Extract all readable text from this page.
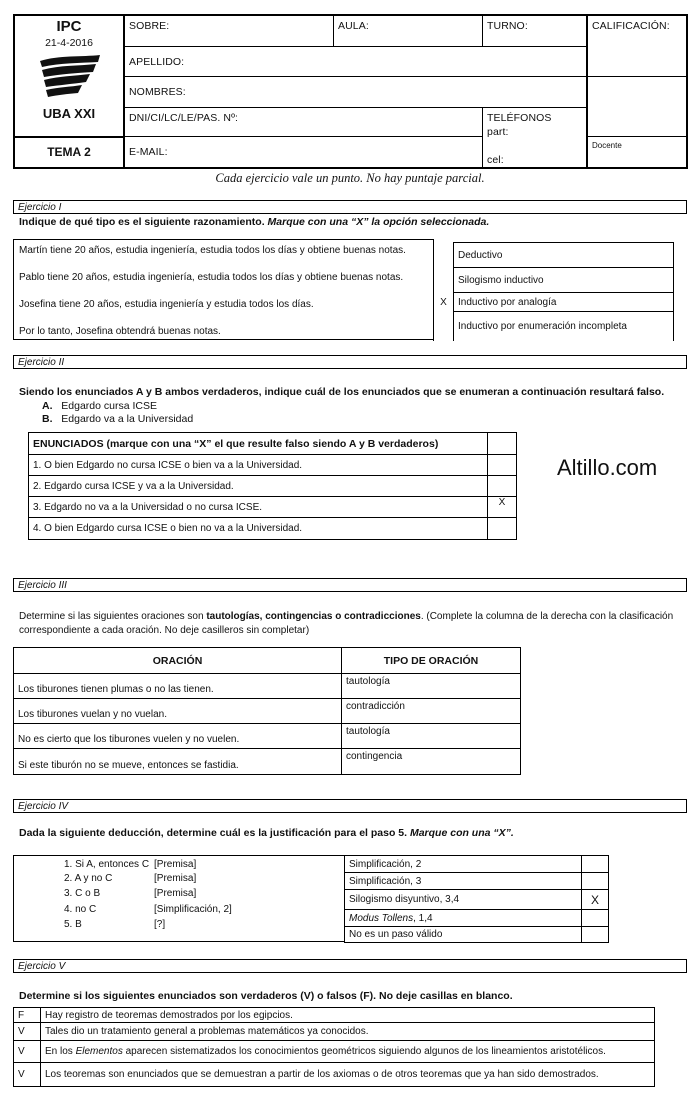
IPC
21-4-2016
UBA XXI	SOBRE:	AULA:	TURNO:	CALIFICACIÓN:
	APELLIDO:			
	NOMBRES:			
	DNI/CI/LC/LE/PAS. Nº:		TELÉFONOS
part:
cel:	

TEMA 2	E-MAIL:			Docente
Cada ejercicio vale un punto. No hay puntaje parcial.
Ejercicio I
Indique de qué tipo es el siguiente razonamiento. Marque con una “X” la opción seleccionada.
Martín tiene 20 años, estudia ingeniería, estudia todos los días y obtiene buenas notas.
Pablo tiene 20 años, estudia ingeniería, estudia todos los días y obtiene buenas notas.
Josefina tiene 20 años, estudia ingeniería y estudia todos los días.
Por lo tanto, Josefina obtendrá buenas notas.
	Deductivo
	Silogismo inductivo
X	Inductivo por analogía
	Inductivo por enumeración incompleta
Ejercicio II
Siendo los enunciados A y B ambos verdaderos, indique cuál de los enunciados que se enumeran a continuación resultará falso.
A. Edgardo cursa ICSE
B. Edgardo va a la Universidad
ENUNCIADOS (marque con una “X” el que resulte falso siendo A y B verdaderos)	
1. O bien Edgardo no cursa ICSE o bien va a la Universidad.	
2. Edgardo cursa ICSE y va a la Universidad.	
3. Edgardo no va a la Universidad o no cursa ICSE.	X
4. O bien Edgardo cursa ICSE o bien no va a la Universidad.	
Altillo.com
Ejercicio III
Determine si las siguientes oraciones son tautologías, contingencias o contradicciones. (Complete la columna de la derecha con la clasificación correspondiente a cada oración. No deje casilleros sin completar)
ORACIÓN	TIPO DE ORACIÓN
Los tiburones tienen plumas o no las tienen.	tautología
Los tiburones vuelan y no vuelan.	contradicción
No es cierto que los tiburones vuelen y no vuelen.	tautología
Si este tiburón no se mueve, entonces se fastidia.	contingencia
Ejercicio IV
Dada la siguiente deducción, determine cuál es la justificación para el paso 5. Marque con una “X”.
1. Si A, entonces C [Premisa]
2. A y no C	[Premisa]
3. C o B	[Premisa]
4. no C	[Simplificación, 2]
5. B	[?]
Simplificación, 2	
Simplificación, 3	
Silogismo disyuntivo, 3,4	X
Modus Tollens, 1,4	
No es un paso válido	
Ejercicio V
Determine si los siguientes enunciados son verdaderos (V) o falsos (F). No deje casillas en blanco.
F	Hay registro de teoremas demostrados por los egipcios.
V	Tales dio un tratamiento general a problemas matemáticos ya conocidos.
V	En los Elementos aparecen sistematizados los conocimientos geométricos siguiendo algunos de los lineamientos aristotélicos.
V	Los teoremas son enunciados que se demuestran a partir de los axiomas o de otros teoremas que ya han sido demostrados.
